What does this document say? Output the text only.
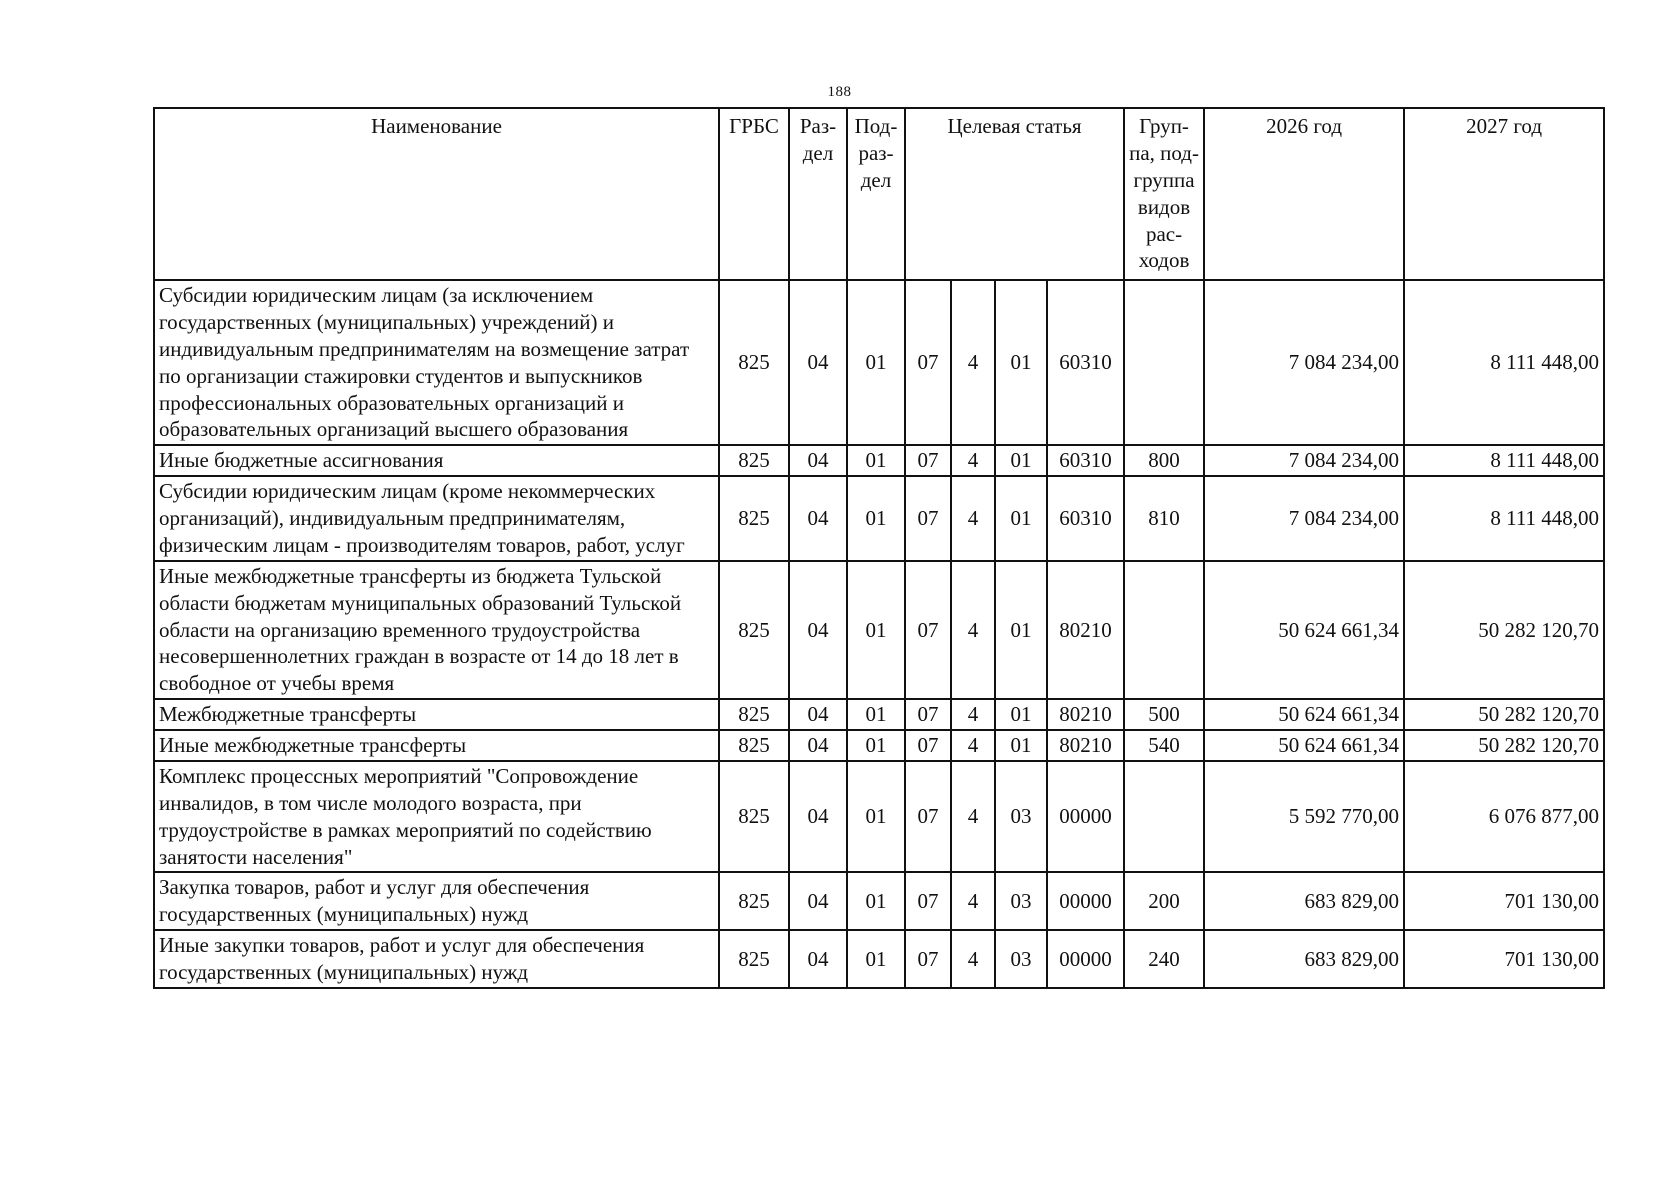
188
Наименование	ГРБС	Раз-дел	Под-раз-дел	Целевая статья				Груп-па, под-группа видов рас-ходов	2026 год	2027 год
Субсидии юридическим лицам (за исключением государственных (муниципальных) учреждений) и индивидуальным предпринимателям на возмещение затрат по организации стажировки студентов и выпускников профессиональных образовательных организаций и образовательных организаций высшего образования	825	04	01	07	4	01	60310		7 084 234,00	8 111 448,00
Иные бюджетные ассигнования	825	04	01	07	4	01	60310	800	7 084 234,00	8 111 448,00
Субсидии юридическим лицам (кроме некоммерческих организаций), индивидуальным предпринимателям, физическим лицам - производителям товаров, работ, услуг	825	04	01	07	4	01	60310	810	7 084 234,00	8 111 448,00
Иные межбюджетные трансферты из бюджета Тульской области бюджетам муниципальных образований Тульской области на организацию временного трудоустройства несовершеннолетних граждан в возрасте от 14 до 18 лет в свободное от учебы время	825	04	01	07	4	01	80210		50 624 661,34	50 282 120,70
Межбюджетные трансферты	825	04	01	07	4	01	80210	500	50 624 661,34	50 282 120,70
Иные межбюджетные трансферты	825	04	01	07	4	01	80210	540	50 624 661,34	50 282 120,70
Комплекс процессных мероприятий "Сопровождение инвалидов, в том числе молодого возраста, при трудоустройстве в рамках мероприятий по содействию занятости населения"	825	04	01	07	4	03	00000		5 592 770,00	6 076 877,00
Закупка товаров, работ и услуг для обеспечения государственных (муниципальных) нужд	825	04	01	07	4	03	00000	200	683 829,00	701 130,00
Иные закупки товаров, работ и услуг для обеспечения государственных (муниципальных) нужд	825	04	01	07	4	03	00000	240	683 829,00	701 130,00
